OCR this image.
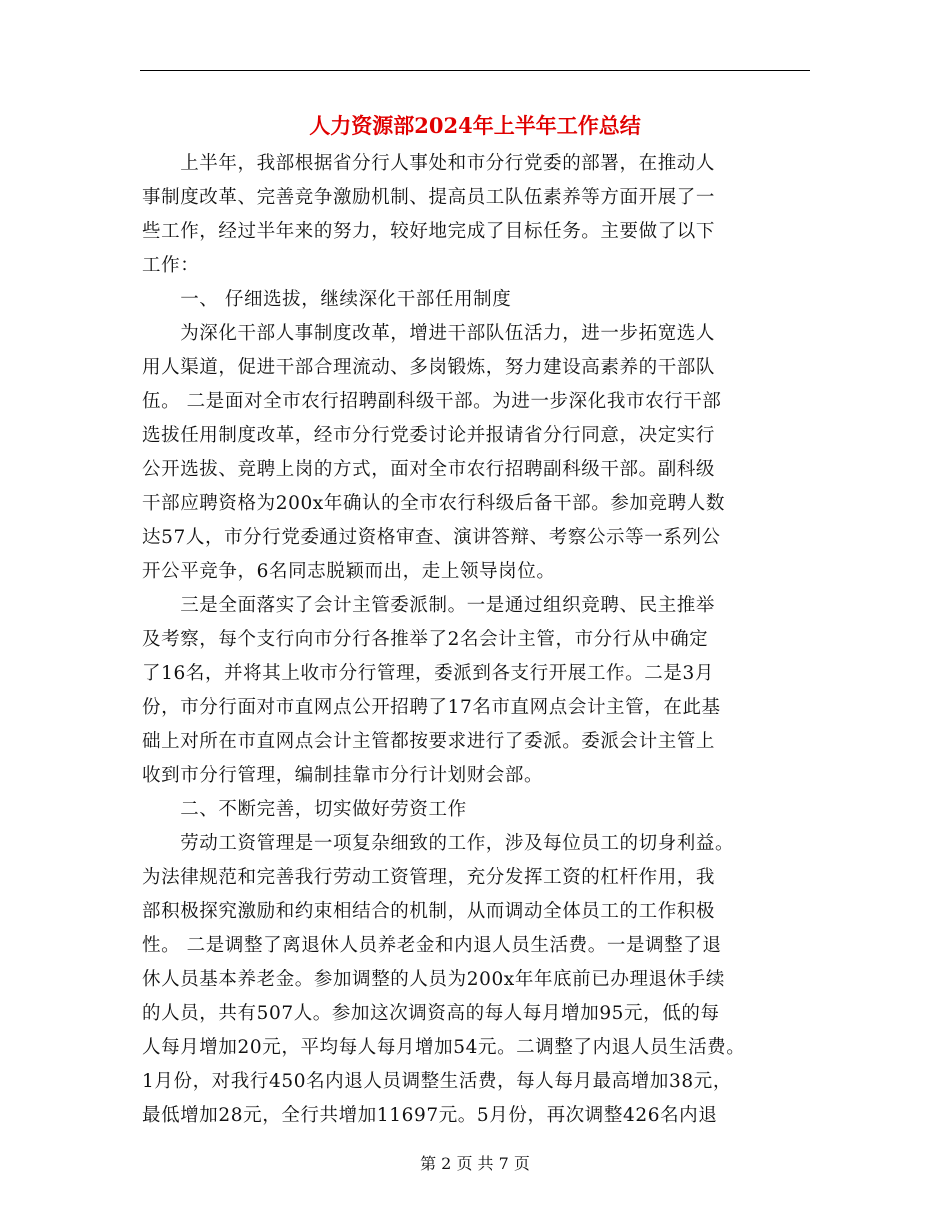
人力资源部2024年上半年工作总结
　　上半年，我部根据省分行人事处和市分行党委的部署，在推动人
事制度改革、完善竞争激励机制、提高员工队伍素养等方面开展了一
些工作，经过半年来的努力，较好地完成了目标任务。主要做了以下
工作：
　　一、 仔细选拔，继续深化干部任用制度
　　为深化干部人事制度改革，增进干部队伍活力，进一步拓宽选人
用人渠道，促进干部合理流动、多岗锻炼，努力建设高素养的干部队
伍。 二是面对全市农行招聘副科级干部。为进一步深化我市农行干部
选拔任用制度改革，经市分行党委讨论并报请省分行同意，决定实行
公开选拔、竞聘上岗的方式，面对全市农行招聘副科级干部。副科级
干部应聘资格为200x年确认的全市农行科级后备干部。参加竞聘人数
达57人，市分行党委通过资格审查、演讲答辩、考察公示等一系列公
开公平竞争，6名同志脱颖而出，走上领导岗位。
　　三是全面落实了会计主管委派制。一是通过组织竞聘、民主推举
及考察，每个支行向市分行各推举了2名会计主管，市分行从中确定
了16名，并将其上收市分行管理，委派到各支行开展工作。二是3月
份，市分行面对市直网点公开招聘了17名市直网点会计主管，在此基
础上对所在市直网点会计主管都按要求进行了委派。委派会计主管上
收到市分行管理，编制挂靠市分行计划财会部。
　　二、不断完善，切实做好劳资工作
　　劳动工资管理是一项复杂细致的工作，涉及每位员工的切身利益。
为法律规范和完善我行劳动工资管理，充分发挥工资的杠杆作用，我
部积极探究激励和约束相结合的机制，从而调动全体员工的工作积极
性。 二是调整了离退休人员养老金和内退人员生活费。一是调整了退
休人员基本养老金。参加调整的人员为200x年年底前已办理退休手续
的人员，共有507人。参加这次调资高的每人每月增加95元，低的每
人每月增加20元，平均每人每月增加54元。二调整了内退人员生活费。
1月份，对我行450名内退人员调整生活费，每人每月最高增加38元，
最低增加28元，全行共增加11697元。5月份，再次调整426名内退
第 2 页 共 7 页
